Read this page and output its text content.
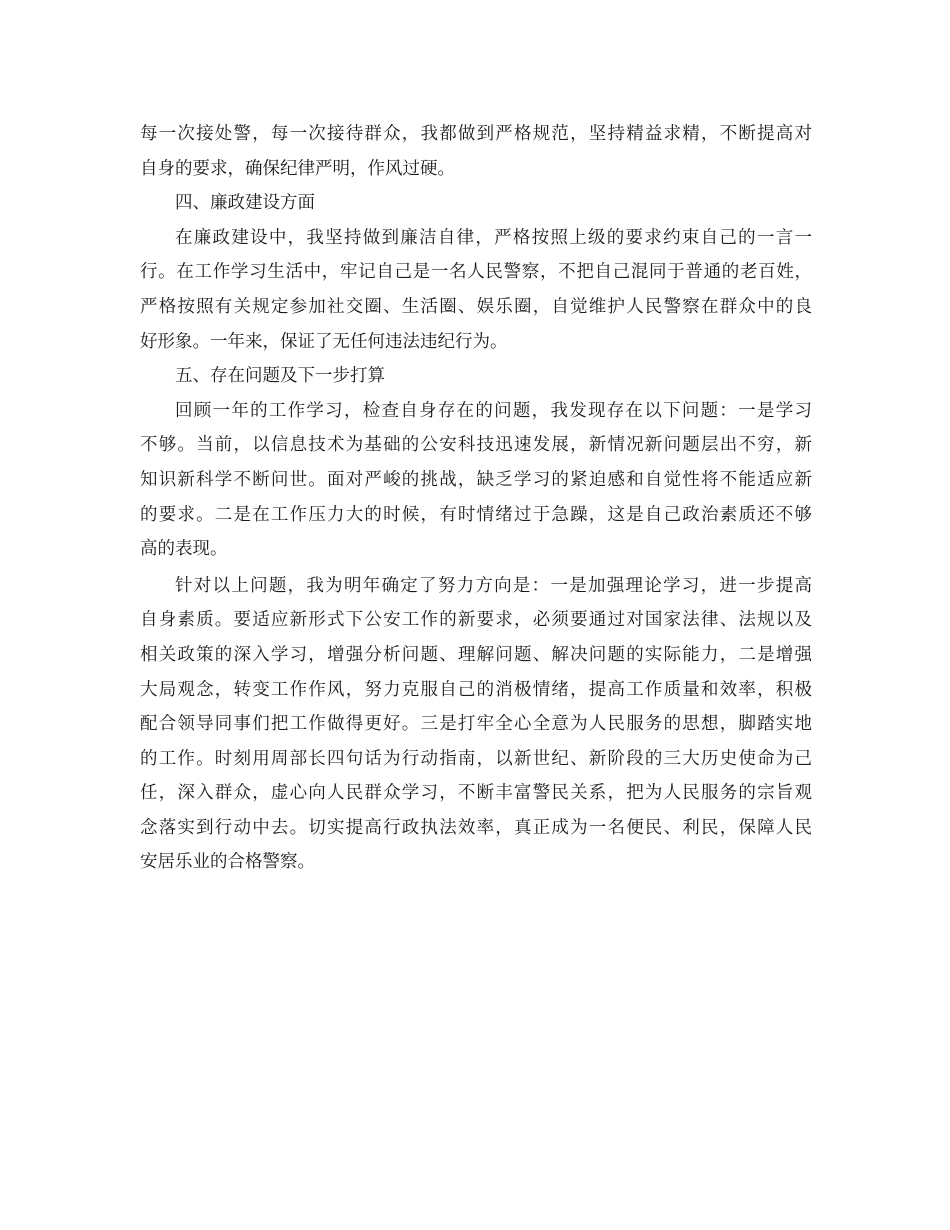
每一次接处警，每一次接待群众，我都做到严格规范，坚持精益求精，不断提高对
自身的要求，确保纪律严明，作风过硬。
四、廉政建设方面
在廉政建设中，我坚持做到廉洁自律，严格按照上级的要求约束自己的一言一
行。在工作学习生活中，牢记自己是一名人民警察，不把自己混同于普通的老百姓，
严格按照有关规定参加社交圈、生活圈、娱乐圈，自觉维护人民警察在群众中的良
好形象。一年来，保证了无任何违法违纪行为。
五、存在问题及下一步打算
回顾一年的工作学习，检查自身存在的问题，我发现存在以下问题：一是学习
不够。当前，以信息技术为基础的公安科技迅速发展，新情况新问题层出不穷，新
知识新科学不断问世。面对严峻的挑战，缺乏学习的紧迫感和自觉性将不能适应新
的要求。二是在工作压力大的时候，有时情绪过于急躁，这是自己政治素质还不够
高的表现。
针对以上问题，我为明年确定了努力方向是：一是加强理论学习，进一步提高
自身素质。要适应新形式下公安工作的新要求，必须要通过对国家法律、法规以及
相关政策的深入学习，增强分析问题、理解问题、解决问题的实际能力，二是增强
大局观念，转变工作作风，努力克服自己的消极情绪，提高工作质量和效率，积极
配合领导同事们把工作做得更好。三是打牢全心全意为人民服务的思想，脚踏实地
的工作。时刻用周部长四句话为行动指南，以新世纪、新阶段的三大历史使命为己
任，深入群众，虚心向人民群众学习，不断丰富警民关系，把为人民服务的宗旨观
念落实到行动中去。切实提高行政执法效率，真正成为一名便民、利民，保障人民
安居乐业的合格警察。
